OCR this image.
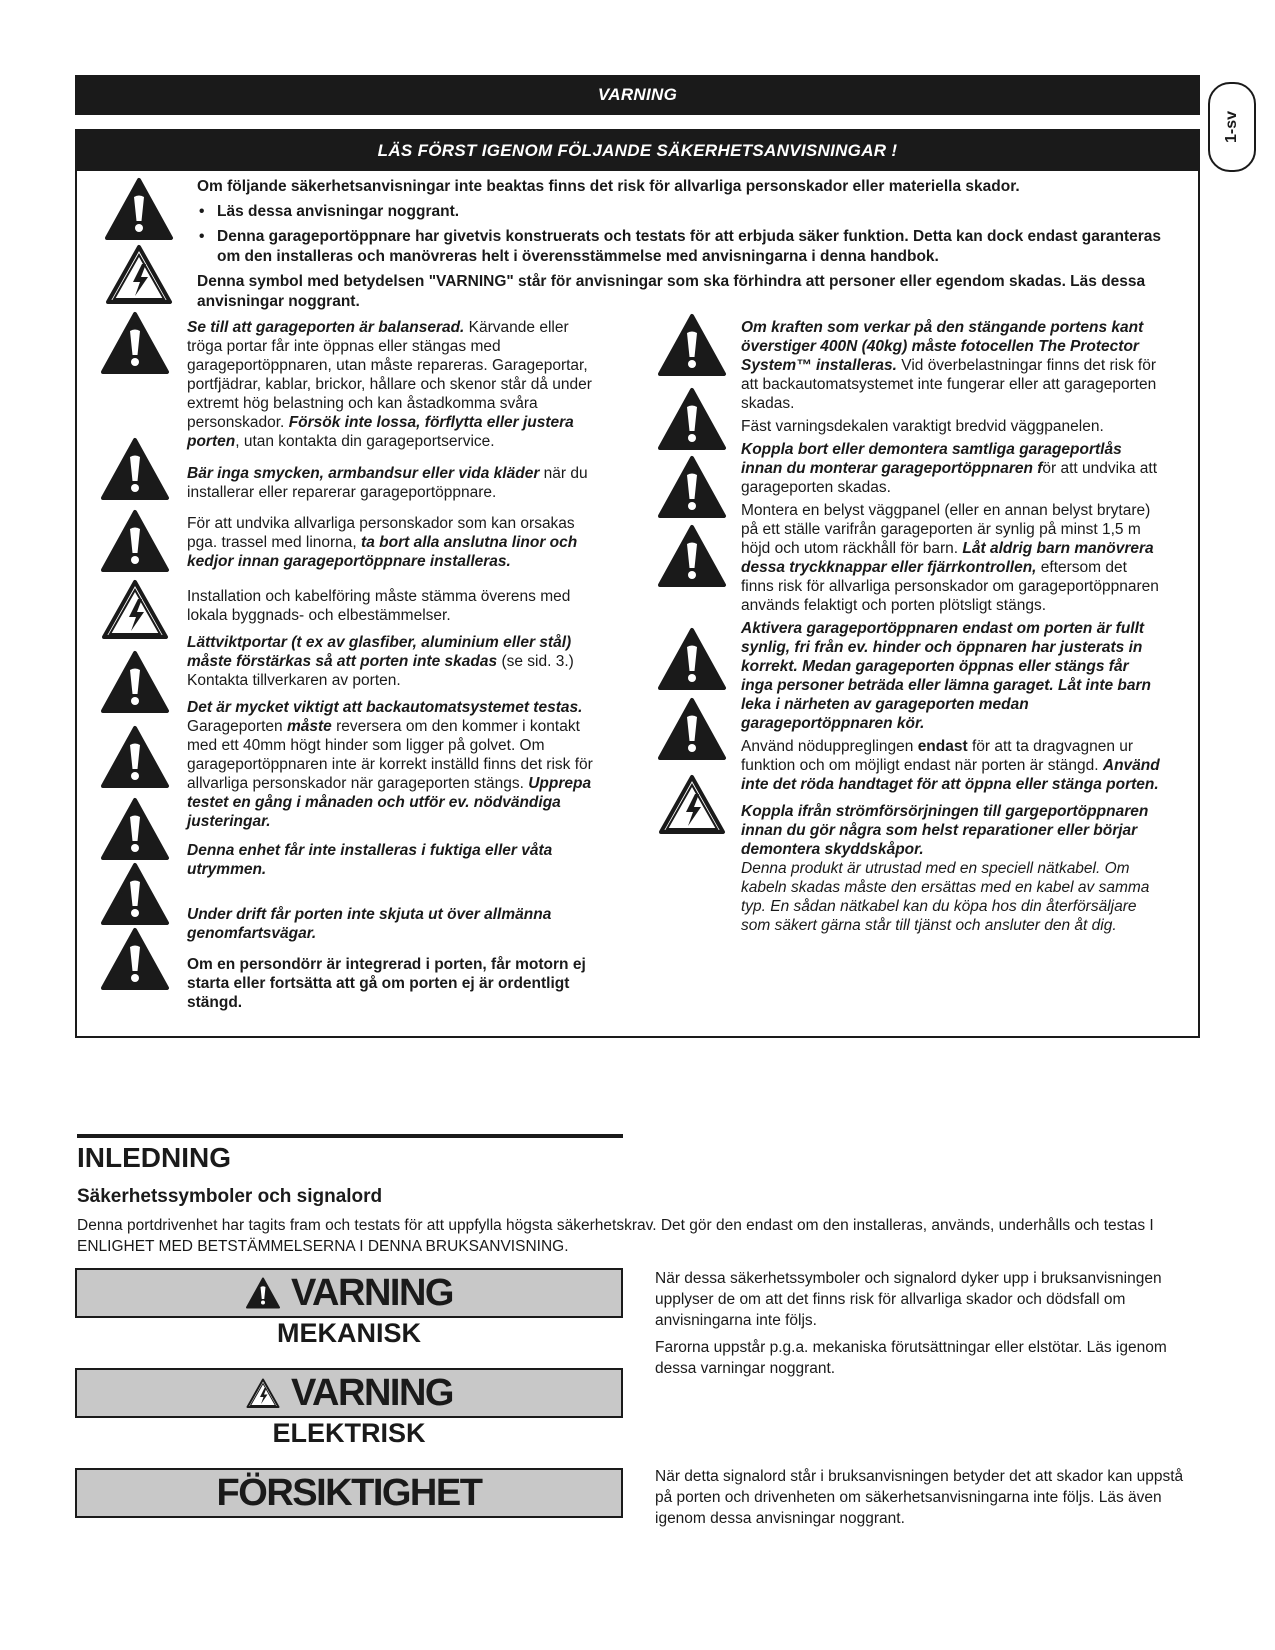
VARNING
1-sv
LÄS FÖRST IGENOM FÖLJANDE SÄKERHETSANVISNINGAR !

Om följande säkerhetsanvisningar inte beaktas finns det risk för allvarliga personskador eller materiella skador.

• Läs dessa anvisningar noggrant.
• Denna garageportöppnare har givetvis konstruerats och testats för att erbjuda säker funktion. Detta kan dock endast garanteras om den installeras och manövreras helt i överensstämmelse med anvisningarna i denna handbok.

Denna symbol med betydelsen "VARNING" står för anvisningar som ska förhindra att personer eller egendom skadas. Läs dessa anvisningar noggrant.

Se till att garageporten är balanserad. Kärvande eller tröga portar får inte öppnas eller stängas med garageportöppnaren, utan måste repareras. Garageportar, portfjädrar, kablar, brickor, hållare och skenor står då under extremt hög belastning och kan åstadkomma svåra personskador. Försök inte lossa, förflytta eller justera porten, utan kontakta din garageportservice.

Bär inga smycken, armbandsur eller vida kläder när du installerar eller reparerar garageportöppnare.

För att undvika allvarliga personskador som kan orsakas pga. trassel med linorna, ta bort alla anslutna linor och kedjor innan garageportöppnare installeras.

Installation och kabelföring måste stämma överens med lokala byggnads- och elbestämmelser.

Lättviktportar (t ex av glasfiber, aluminium eller stål) måste förstärkas så att porten inte skadas (se sid. 3.) Kontakta tillverkaren av porten.

Det är mycket viktigt att backautomatsystemet testas. Garageporten måste reversera om den kommer i kontakt med ett 40mm högt hinder som ligger på golvet. Om garageportöppnaren inte är korrekt inställd finns det risk för allvarliga personskador när garageporten stängs. Upprepa testet en gång i månaden och utför ev. nödvändiga justeringar.

Denna enhet får inte installeras i fuktiga eller våta utrymmen.

Under drift får porten inte skjuta ut över allmänna genomfartsvägar.

Om en persondörr är integrerad i porten, får motorn ej starta eller fortsätta att gå om porten ej är ordentligt stängd.

Om kraften som verkar på den stängande portens kant överstiger 400N (40kg) måste fotocellen The Protector System™ installeras. Vid överbelastningar finns det risk för att backautomatsystemet inte fungerar eller att garageporten skadas.

Fäst varningsdekalen varaktigt bredvid väggpanelen.

Koppla bort eller demontera samtliga garageportlås innan du monterar garageportöppnaren för att undvika att garageporten skadas.

Montera en belyst väggpanel (eller en annan belyst brytare) på ett ställe varifrån garageporten är synlig på minst 1,5 m höjd och utom räckhåll för barn. Låt aldrig barn manövrera dessa tryckknappar eller fjärrkontrollen, eftersom det finns risk för allvarliga personskador om garageportöppnaren används felaktigt och porten plötsligt stängs.

Aktivera garageportöppnaren endast om porten är fullt synlig, fri från ev. hinder och öppnaren har justerats in korrekt. Medan garageporten öppnas eller stängs får inga personer beträda eller lämna garaget. Låt inte barn leka i närheten av garageporten medan garageportöppnaren kör.

Använd nöduppreglingen endast för att ta dragvagnen ur funktion och om möjligt endast när porten är stängd. Använd inte det röda handtaget för att öppna eller stänga porten.

Koppla ifrån strömförsörjningen till gargeportöppnaren innan du gör några som helst reparationer eller börjar demontera skyddskåpor.
Denna produkt är utrustad med en speciell nätkabel. Om kabeln skadas måste den ersättas med en kabel av samma typ. En sådan nätkabel kan du köpa hos din återförsäljare som säkert gärna står till tjänst och ansluter den åt dig.

INLEDNING
Säkerhetssymboler och signalord
Denna portdrivenhet har tagits fram och testats för att uppfylla högsta säkerhetskrav. Det gör den endast om den installeras, används, underhålls och testas I ENLIGHET MED BETSTÄMMELSERNA I DENNA BRUKSANVISNING.
VARNING
MEKANISK
VARNING
ELEKTRISK
FÖRSIKTIGHET

När dessa säkerhetssymboler och signalord dyker upp i bruksanvisningen upplyser de om att det finns risk för allvarliga skador och dödsfall om anvisningarna inte följs.

Farorna uppstår p.g.a. mekaniska förutsättningar eller elstötar. Läs igenom dessa varningar noggrant.

När detta signalord står i bruksanvisningen betyder det att skador kan uppstå på porten och drivenheten om säkerhetsanvisningarna inte följs. Läs även igenom dessa anvisningar noggrant.
